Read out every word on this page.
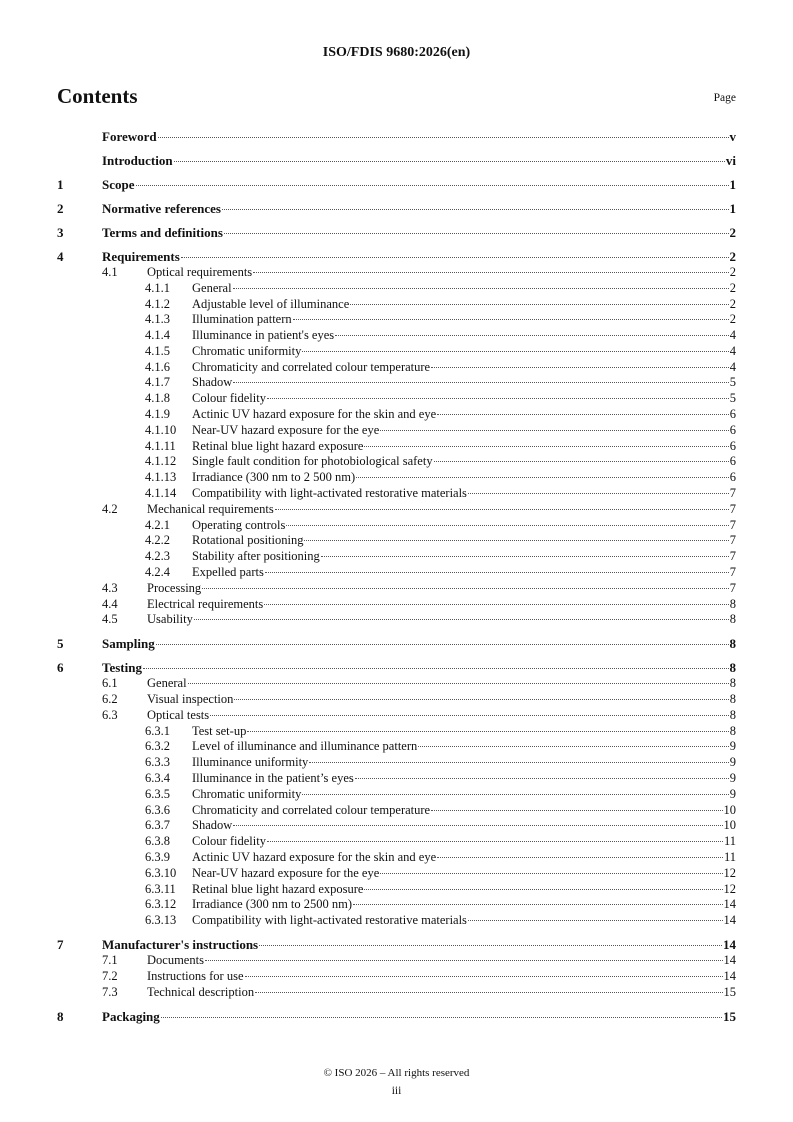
ISO/FDIS 9680:2026(en)
Contents	Page
Foreword	v
Introduction	vi
1	Scope	1
2	Normative references	1
3	Terms and definitions	2
4	Requirements	2
4.1	Optical requirements	2
4.1.1	General	2
4.1.2	Adjustable level of illuminance	2
4.1.3	Illumination pattern	2
4.1.4	Illuminance in patient's eyes	4
4.1.5	Chromatic uniformity	4
4.1.6	Chromaticity and correlated colour temperature	4
4.1.7	Shadow	5
4.1.8	Colour fidelity	5
4.1.9	Actinic UV hazard exposure for the skin and eye	6
4.1.10	Near-UV hazard exposure for the eye	6
4.1.11	Retinal blue light hazard exposure	6
4.1.12	Single fault condition for photobiological safety	6
4.1.13	Irradiance (300 nm to 2 500 nm)	6
4.1.14	Compatibility with light-activated restorative materials	7
4.2	Mechanical requirements	7
4.2.1	Operating controls	7
4.2.2	Rotational positioning	7
4.2.3	Stability after positioning	7
4.2.4	Expelled parts	7
4.3	Processing	7
4.4	Electrical requirements	8
4.5	Usability	8
5	Sampling	8
6	Testing	8
6.1	General	8
6.2	Visual inspection	8
6.3	Optical tests	8
6.3.1	Test set-up	8
6.3.2	Level of illuminance and illuminance pattern	9
6.3.3	Illuminance uniformity	9
6.3.4	Illuminance in the patient’s eyes	9
6.3.5	Chromatic uniformity	9
6.3.6	Chromaticity and correlated colour temperature	10
6.3.7	Shadow	10
6.3.8	Colour fidelity	11
6.3.9	Actinic UV hazard exposure for the skin and eye	11
6.3.10	Near-UV hazard exposure for the eye	12
6.3.11	Retinal blue light hazard exposure	12
6.3.12	Irradiance (300 nm to 2500 nm)	14
6.3.13	Compatibility with light-activated restorative materials	14
7	Manufacturer's instructions	14
7.1	Documents	14
7.2	Instructions for use	14
7.3	Technical description	15
8	Packaging	15
© ISO 2026 – All rights reserved
iii
